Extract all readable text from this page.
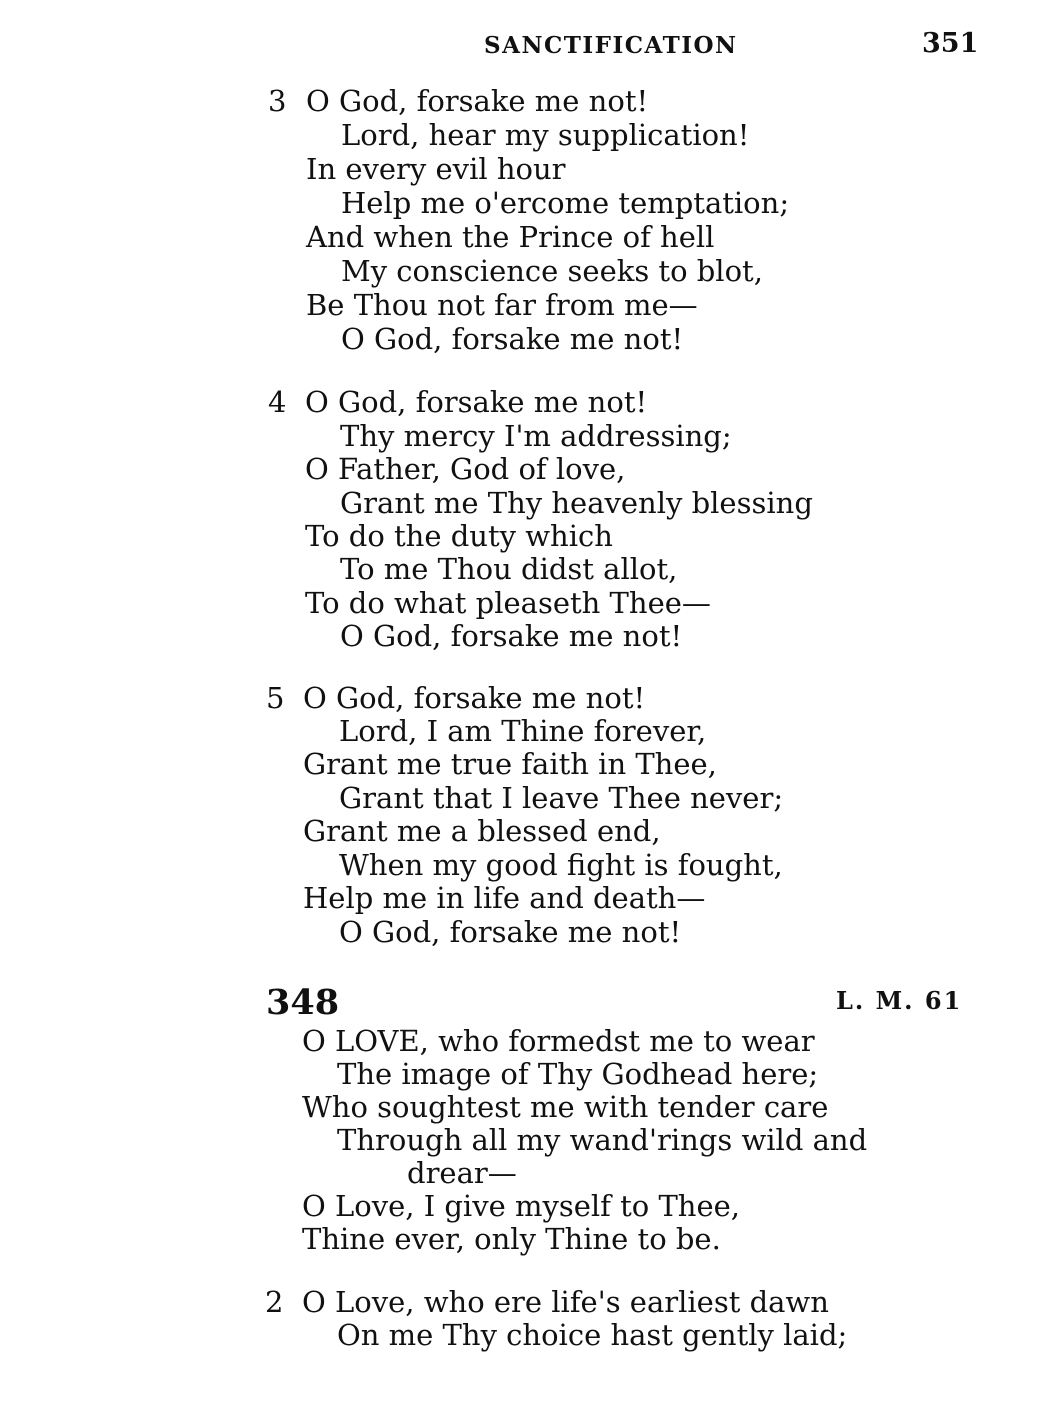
SANCTIFICATION	351
3 O God, forsake me not!
Lord, hear my supplication!
In every evil hour
Help me o'ercome temptation;
And when the Prince of hell
My conscience seeks to blot,
Be Thou not far from me—
O God, forsake me not!
4 O God, forsake me not!
Thy mercy I'm addressing;
O Father, God of love,
Grant me Thy heavenly blessing
To do the duty which
To me Thou didst allot,
To do what pleaseth Thee—
O God, forsake me not!
5 O God, forsake me not!
Lord, I am Thine forever,
Grant me true faith in Thee,
Grant that I leave Thee never;
Grant me a blessed end,
When my good fight is fought,
Help me in life and death—
O God, forsake me not!
348	L. M. 61
O LOVE, who formedst me to wear
The image of Thy Godhead here;
Who soughtest me with tender care
Through all my wand'rings wild and
drear—
O Love, I give myself to Thee,
Thine ever, only Thine to be.
2 O Love, who ere life's earliest dawn
On me Thy choice hast gently laid;
